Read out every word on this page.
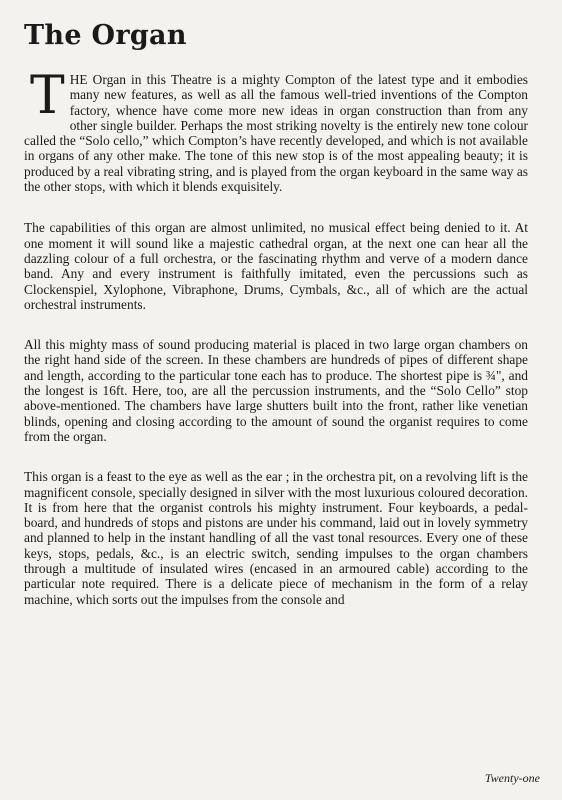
The Organ

THE Organ in this Theatre is a mighty Compton of the latest type and it embodies many new features, as well as all the famous well-tried inventions of the Compton factory, whence have come more new ideas in organ construction than from any other single builder. Perhaps the most striking novelty is the entirely new tone colour called the “Solo cello,” which Compton’s have recently developed, and which is not available in organs of any other make. The tone of this new stop is of the most appealing beauty; it is produced by a real vibrating string, and is played from the organ keyboard in the same way as the other stops, with which it blends exquisitely.

The capabilities of this organ are almost unlimited, no musical effect being denied to it. At one moment it will sound like a majestic cathedral organ, at the next one can hear all the dazzling colour of a full orchestra, or the fascinating rhythm and verve of a modern dance band. Any and every instrument is faithfully imitated, even the percussions such as Clockenspiel, Xylophone, Vibraphone, Drums, Cymbals, &c., all of which are the actual orchestral instruments.

All this mighty mass of sound producing material is placed in two large organ chambers on the right hand side of the screen. In these chambers are hundreds of pipes of different shape and length, according to the particular tone each has to produce. The shortest pipe is ¾", and the longest is 16ft. Here, too, are all the percussion instruments, and the “Solo Cello” stop above-mentioned. The chambers have large shutters built into the front, rather like venetian blinds, opening and closing according to the amount of sound the organist requires to come from the organ.

This organ is a feast to the eye as well as the ear ; in the orchestra pit, on a revolving lift is the magnificent console, specially designed in silver with the most luxurious coloured decoration. It is from here that the organist controls his mighty instrument. Four keyboards, a pedal-board, and hundreds of stops and pistons are under his command, laid out in lovely symmetry and planned to help in the instant handling of all the vast tonal resources. Every one of these keys, stops, pedals, &c., is an electric switch, sending impulses to the organ chambers through a multitude of insulated wires (encased in an armoured cable) according to the particular note required. There is a delicate piece of mechanism in the form of a relay machine, which sorts out the impulses from the console and

Twenty-one
